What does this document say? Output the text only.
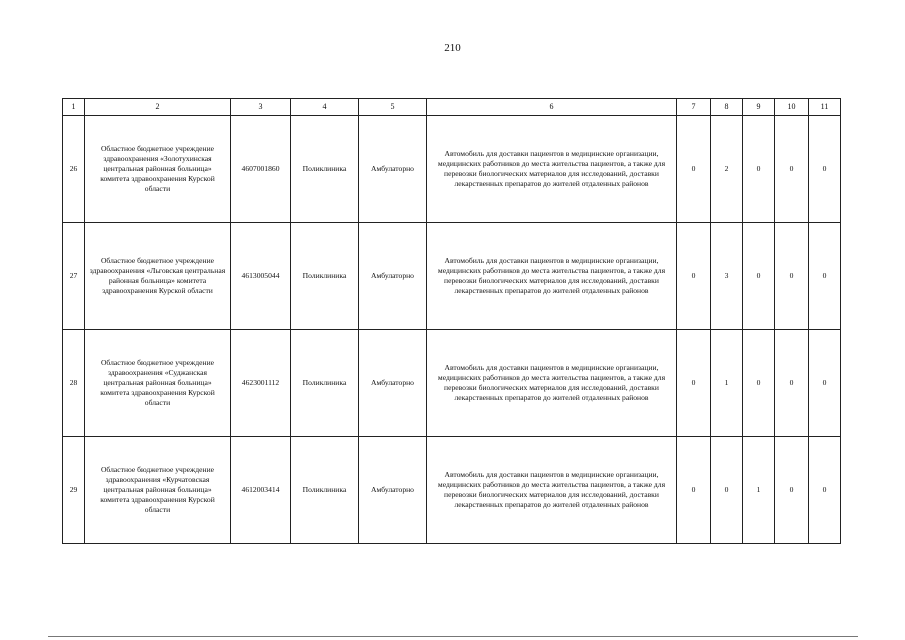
210
1	2	3	4	5	6	7	8	9	10	11
26	Областное бюджетное учреждение здравоохранения «Золотухинская центральная районная больница» комитета здравоохранения Курской области	4607001860	Поликлиника	Амбулаторно	Автомобиль для доставки пациентов в медицинские организации, медицинских работников до места жительства пациентов, а также для перевозки биологических материалов для исследований, доставки лекарственных препаратов до жителей отдаленных районов	0	2	0	0	0
27	Областное бюджетное учреждение здравоохранения «Льговская центральная районная больница» комитета здравоохранения Курской области	4613005044	Поликлиника	Амбулаторно	Автомобиль для доставки пациентов в медицинские организации, медицинских работников до места жительства пациентов, а также для перевозки биологических материалов для исследований, доставки лекарственных препаратов до жителей отдаленных районов	0	3	0	0	0
28	Областное бюджетное учреждение здравоохранения «Суджанская центральная районная больница» комитета здравоохранения Курской области	4623001112	Поликлиника	Амбулаторно	Автомобиль для доставки пациентов в медицинские организации, медицинских работников до места жительства пациентов, а также для перевозки биологических материалов для исследований, доставки лекарственных препаратов до жителей отдаленных районов	0	1	0	0	0
29	Областное бюджетное учреждение здравоохранения «Курчатовская центральная районная больница» комитета здравоохранения Курской области	4612003414	Поликлиника	Амбулаторно	Автомобиль для доставки пациентов в медицинские организации, медицинских работников до места жительства пациентов, а также для перевозки биологических материалов для исследований, доставки лекарственных препаратов до жителей отдаленных районов	0	0	1	0	0
